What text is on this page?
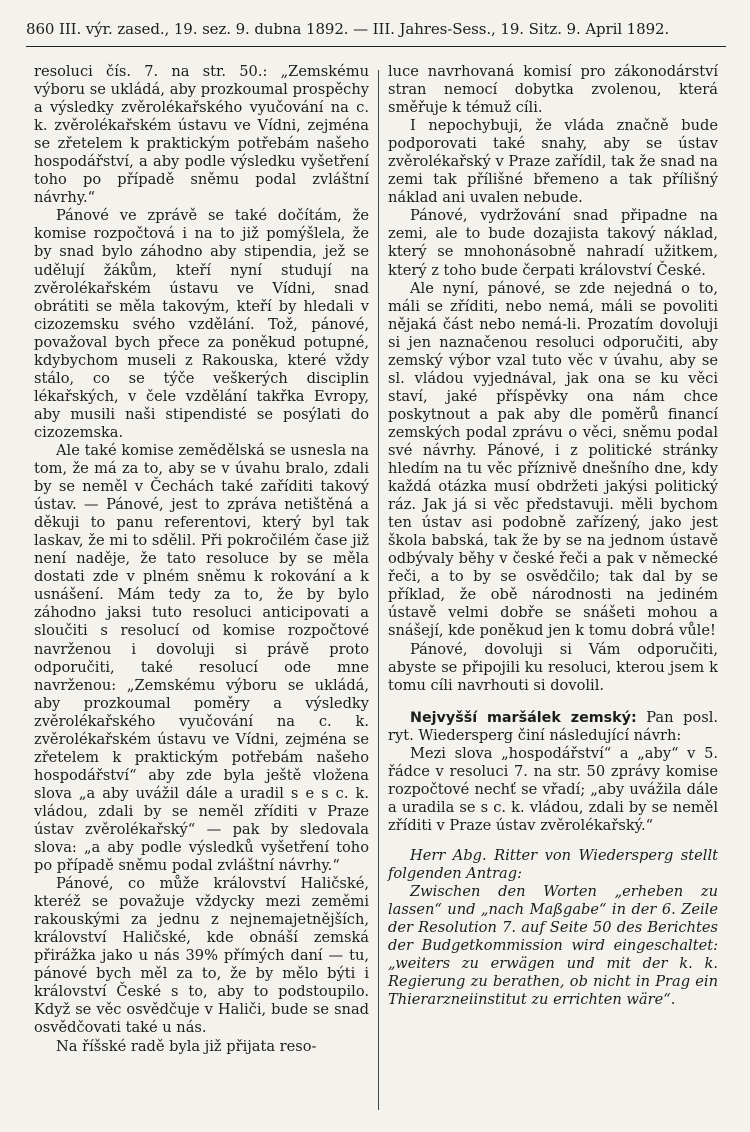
860 III. výr. zased., 19. sez. 9. dubna 1892. — III. Jahres-Sess., 19. Sitz. 9. April 1892.

resoluci čís. 7. na str. 50.: „Zemskému výboru se ukládá, aby prozkoumal prospěchy a výsledky zvěrolékařského vyučování na c. k. zvěrolékařském ústavu ve Vídni, zejména se zřetelem k praktickým potřebám našeho hospodářství, a aby podle výsledku vyšetření toho po případě sněmu podal zvláštní návrhy.“

Pánové ve zprávě se také dočítám, že komise rozpočtová i na to již pomýšlela, že by snad bylo záhodno aby stipendia, jež se udělují žákům, kteří nyní studují na zvěrolékařském ústavu ve Vídni, snad obrátiti se měla takovým, kteří by hledali v cizozemsku svého vzdělání. Tož, pánové, považoval bych přece za poněkud potupné, kdybychom museli z Rakouska, které vždy stálo, co se týče veškerých disciplin lékařských, v čele vzdělání takřka Evropy, aby musili naši stipendisté se posýlati do cizozemska.

Ale také komise zemědělská se usnesla na tom, že má za to, aby se v úvahu bralo, zdali by se neměl v Čechách také zaříditi takový ústav. — Pánové, jest to zpráva netištěná a děkuji to panu referentovi, který byl tak laskav, že mi to sdělil. Při pokročilém čase již není naděje, že tato resoluce by se měla dostati zde v plném sněmu k rokování a k usnášení. Mám tedy za to, že by bylo záhodno jaksi tuto resoluci anticipovati a sloučiti s resolucí od komise rozpočtové navrženou i dovoluji si právě proto odporučiti, také resolucí ode mne navrženou: „Zemskému výboru se ukládá, aby prozkoumal poměry a výsledky zvěrolékařského vyučování na c. k. zvěrolékařském ústavu ve Vídni, zejména se zřetelem k praktickým potřebám našeho hospodářství“ aby zde byla ještě vložena slova „a aby uvážil dále a uradil s e s c. k. vládou, zdali by se neměl zříditi v Praze ústav zvěrolékařský“ — pak by sledovala slova: „a aby podle výsledků vyšetření toho po případě sněmu podal zvláštní návrhy.“

Pánové, co může království Haličské, kteréž se považuje vždycky mezi zeměmi rakouskými za jednu z nejnemajetnějších, království Haličské, kde obnáší zemská přirážka jako u nás 39% přímých daní — tu, pánové bych měl za to, že by mělo býti i království České s to, aby to podstoupilo. Když se věc osvědčuje v Haliči, bude se snad osvědčovati také u nás.

Na říšské radě byla již přijata reso-

luce navrhovaná komisí pro zákonodárství stran nemocí dobytka zvolenou, která směřuje k témuž cíli.

I nepochybuji, že vláda značně bude podporovati také snahy, aby se ústav zvěrolékařský v Praze zařídil, tak že snad na zemi tak přílišné břemeno a tak přílišný náklad ani uvalen nebude.

Pánové, vydržování snad připadne na zemi, ale to bude dozajista takový náklad, který se mnohonásobně nahradí užitkem, který z toho bude čerpati království České.

Ale nyní, pánové, se zde nejedná o to, máli se zříditi, nebo nemá, máli se povoliti nějaká část nebo nemá-li. Prozatím dovoluji si jen naznačenou resoluci odporučiti, aby zemský výbor vzal tuto věc v úvahu, aby se sl. vládou vyjednával, jak ona se ku věci staví, jaké příspěvky ona nám chce poskytnout a pak aby dle poměrů financí zemských podal zprávu o věci, sněmu podal své návrhy. Pánové, i z politické stránky hledím na tu věc příznivě dnešního dne, kdy každá otázka musí obdržeti jakýsi politický ráz. Jak já si věc představuji. měli bychom ten ústav asi podobně zařízený, jako jest škola babská, tak že by se na jednom ústavě odbývaly běhy v české řeči a pak v německé řeči, a to by se osvědčilo; tak dal by se příklad, že obě národnosti na jediném ústavě velmi dobře se snášeti mohou a snášejí, kde poněkud jen k tomu dobrá vůle!

Pánové, dovoluji si Vám odporučiti, abyste se připojili ku resoluci, kterou jsem k tomu cíli navrhouti si dovolil.

Nejvyšší maršálek zemský: Pan posl. ryt. Wiedersperg činí následující návrh:

Mezi slova „hospodářství“ a „aby“ v 5. řádce v resoluci 7. na str. 50 zprávy komise rozpočtové nechť se vřadí; „aby uvážila dále a uradila se s c. k. vládou, zdali by se neměl zříditi v Praze ústav zvěrolékařský.“

Herr Abg. Ritter von Wiedersperg stellt folgenden Antrag:

Zwischen den Worten „erheben zu lassen“ und „nach Maßgabe“ in der 6. Zeile der Resolution 7. auf Seite 50 des Berichtes der Budgetkommission wird eingeschaltet: „weiters zu erwägen und mit der k. k. Regierung zu berathen, ob nicht in Prag ein Thierarzneiinstitut zu errichten wäre“.
